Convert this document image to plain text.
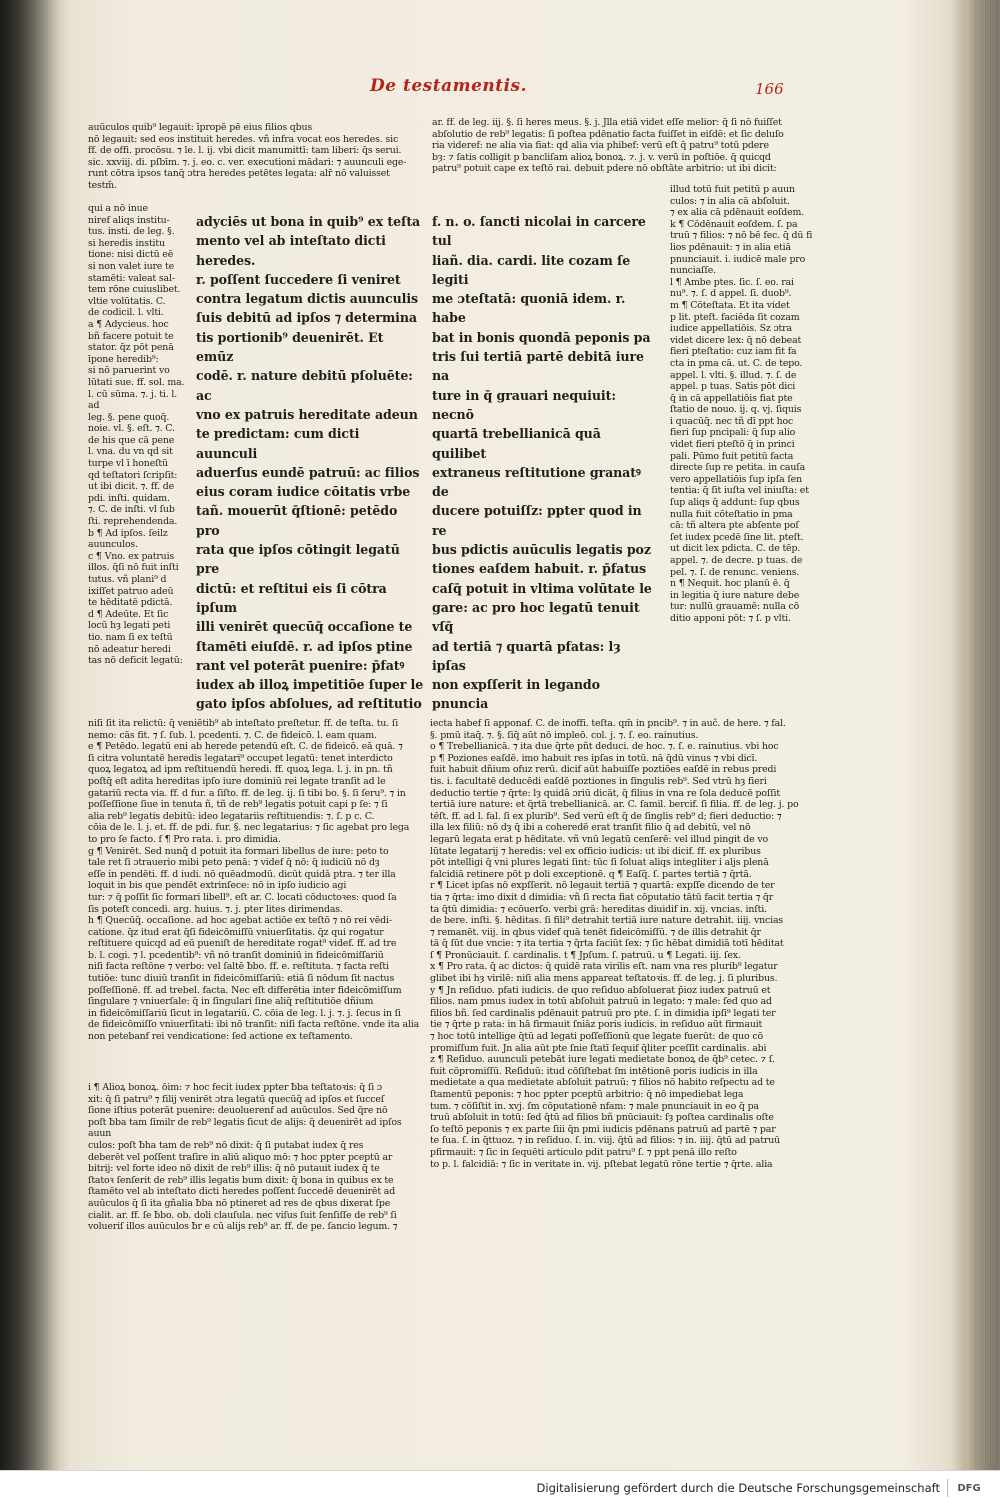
De testamentis.	166

auūculos quib⁹ legauit: īpropē pē eius filios qbus
nō legauit: sed eos instituit heredes. vñ infra vocat eos heredes. sic
ff. de offi. procōsu. ⁊ le. l. ij. vbi dicit manumittī: tam liberi: q̄s serui.
sic. xxviij. di. pſbīm. ⁊. j. eo. c. ver. executioni mādari: ⁊ auunculi ege-
runt cōtra ipsos tanq̄ ɔtra heredes petētes legata: alr̄ nō valuisset
testm̄.

qui a nō inue
niref aliqs institu-
tus. insti. de leg. §.
si heredis institu
tione: nisi dictū eē
si non valet iure te
stamēti: valeat sal-
tem rōne cuiuslibet.
vltie volūtatis. C.
de codicil. l. vlti.
a ¶ Adycieus. hoc
bñ facere potuit te
stator. q̄z pōt penā
īpone heredib⁹:
si nō paruerint vo
lūtati sue. ff. sol. ma.
l. cū sūma. ⁊. j. ti. l. ad
leg. §. pene quoq̄.
noie. vl. §. eſt. ⁊. C.
de his que cā pene
l. vna. du vn qd sit
turpe vl ī honeſtū
qd teſtatori ſcripſit:
ut ibi dicit. ⁊. ff. de
pdi. inſti. quidam.
⁊. C. de inſti. vl ſub
ſti. reprehendenda.
b ¶ Ad ipſos. ſeilz
auunculos.
c ¶ Vno. ex patruis
illos. q̄ſi nō fuit inſti
tutus. vñ plani⁹ d
ixiſſet patruo adeū
te hēditatē pdictā.
d ¶ Adeūte. Et ſic
locū hȝ legati peti
tio. nam ſi ex teſtū
nō adeatur heredi
tas nō deficit legatū:

adyciēs ut bona in quib⁹ ex teſta
mento vel ab inteſtato dicti heredes.
r. poſſent ſuccedere ſi veniret
contra legatum dictis auunculis
ſuis debitū ad ipſos ⁊ determina
tis portionib⁹ deuenirēt. Et emūz
codē. r. nature debitū pſoluēte: ac
vno ex patruis hereditate adeun
te predictam: cum dicti auunculi
aduerſus eundē patruū: ac filios
eius coram iudice cōitatis vrbe
tañ. mouerūt q̄ſtionē: petēdo pro
rata que ipſos cōtingit legatū pre
dictū: et reſtitui eis ſi cōtra ipſum
illi venirēt quecūq̄ occaſione te
ſtamēti eiuſdē. r. ad ipſos ptine
rant vel poterāt puenire: p̄fatꝰ
iudex ab illoꝝ impetitiōe ſuper le
gato ipſos abſolues, ad reſtitutio

ar. ff. de leg. iij. §. ſi heres meus. §. j. Jlla etiā videt eſſe melior: q̄ ſi nō fuiſſet
abſolutio de reb⁹ legatis: ſi poſtea pdēnatio facta fuiſſet in eiſdē: et ſic deluſo
ria videref: ne alia via fiat: qd alia via phibef: verū eſt q̄ patru⁹ totū pdere
bȝ: ⁊ ſatis colligit p bancliſam alioꝝ bonoꝝ. ⁊. j. v. verū in poſtiōe. q̄ quicqd
patru⁹ potuit cape ex teſtō rai. debuit pdere nō obſtāte arbitrio: ut ibi dicit:

f. n. o. ſancti nicolai in carcere tul
liañ. dia. cardi. lite cozam ſe legiti
me ɔteſtatā: quoniā idem. r. habe
bat in bonis quondā peponis pa
tris ſui tertiā partē debitā iure na
ture in q̄ grauari nequiuit: necnō
quartā trebellianicā quā quilibet
extraneus reſtitutione granatꝰ de
ducere potuiſſz: ppter quod in re
bus pdictis auūculis legatis poz
tiones eaſdem habuit. r. p̄fatus
caſq̄ potuit in vltima volūtate le
gare: ac pro hoc legatū tenuit vſq̄
ad tertiā ⁊ quartā pfatas: lȝ ipſas
non expſſerit in legando pnuncia

illud totū fuit petitū p auun
culos: ⁊ in alia cā abſoluit.
⁊ ex alia cā pdēnauit eoſdem.
k ¶ Cōdēnauit eoſdem. ſ. pa
truū ⁊ filios: ⁊ nō bē fec. q̄ dū fi
lios pdēnauit: ⁊ in alia etiā
pnunciauit. i. iudicē male pro
nunciaſſe.
l ¶ Ambe ptes. ſic. ſ. eo. rai
nu⁹. ⁊. ſ. d appel. ſi. duob⁹.
m ¶ Cōteſtata. Et ita videt
p lit. pteſt. faciēda ſit cozam
iudice appellatiōis. Sz ɔtra
videt dicere lex: q̄ nō debeat
fieri pteſtatio: cuz iam fit fa
cta in pma cā. ut. C. de tepo.
appel. l. vlti. §. illud. ⁊. ſ. de
appel. p tuas. Satis pōt dici
q̄ in cā appellatiōis fiat pte
ſtatio de nouo. ij. q. vj. ſiquis
i quacūq̄. nec tñ dī ppt hoc
fieri ſup pncipali: q̄ ſup alio
videt fieri pteſtō q̄ in princi
pali. Pūmo fuit petitū facta
directe ſup re petita. in cauſa
vero appellatiōis ſup ipſa ſen
tentia: q̄ ſit iuſta vel iniuſta: et
ſup aliqs q̄ addunt: ſup qbus
nulla fuit cōteſtatio in pma
cā: tñ altera pte abſente poſ
ſet iudex pcedē ſine lit. pteſt.
ut dicit lex pdicta. C. de tēp.
appel. ⁊. de decre. p tuas. de
pel. ⁊. ſ. de renunc. veniens.
n ¶ Nequit. hoc planū ē. q̄
in legitia q̄ iure nature debe
tur: nullū grauamē: nulla cō
ditio apponi pōt: ⁊ ſ. p vlti.

niſi ſit ita relictū: q̄ veniētib⁹ ab inteſtato preſtetur. ff. de teſta. tu. ſi
nemo: cās fit. ⁊ ſ. ſub. l. pcedenti. ⁊. C. de fideicō. l. eam quam.
e ¶ Petēdo. legatū eni ab herede petendū eſt. C. de fideicō. eā quā. ⁊
ſi citra voluntatē heredis legatari⁹ occupet legatū: tenet interdicto
quoꝝ legatoꝝ ad ipm reſtituendū heredi. ff. quoꝝ lega. l. j. in pn. tñ
poſtq̄ eſt adita hereditas ipſo iure dominiū rei legate tranſit ad le
gatariū recta via. ff. d fur. a ſiſto. ff. de leg. ij. ſi tibi bo. §. ſi ſeru⁹. ⁊ in
poſſeſſione ſiue in tenuta ñ, tñ de reb⁹ legatis potuit capi p ſe: ⁊ ſi
alia reb⁹ legatis debitū: ideo legatariis reſtituendis: ⁊. ſ. p c. C.
cōia de le. l. j. et. ff. de pdi. fur. §. nec legatarius: ⁊ ſic agebat pro lega
to pro ſe facto. f ¶ Pro rata. i. pro dimidia.
g ¶ Venirēt. Sed nunq̄ d potuit ita formari libellus de iure: peto to
tale ret ſi ɔtrauerio mibi peto penā: ⁊ videf q̄ nō: q̄ iudiciū nō dȝ
eſſe in pendēti. ff. d iudi. nō quēadmodū. dicūt quidā ptra. ⁊ ter illa
loquit in bis que pendēt extrinſece: nō in ipſo iudicio agi
tur: ⁊ q̄ poſſit ſic formari libell⁹. eſt ar. C. locati cōductoꝛes: quod ſa
ſis poteſt concedi. arg. huius. ⁊. j. pter lites dirimendas.
h ¶ Quecūq̄. occaſione. ad hoc agebat actiōe ex teſtō ⁊ nō rei vēdi-
catione. q̄z itud erat q̄ſi fideicōmiſſū vniuerſitatis. q̄z qui rogatur
reſtituere quicqd ad eū pueniſt de hereditate rogat⁹ videf. ff. ad tre
b. l. cogi. ⁊ l. pcedentib⁹: vñ nō tranſit dominiū in fideicōmiſſariū
niſi facta reſtōne ⁊ verbo: vel ſaltē ƀbo. ff. e. reſtituta. ⁊ facta reſti
tutiōe: tunc diuiū tranſit in fideicōmiſſariū: etiā ſi nōdum ſit nactus
poſſeſſionē. ff. ad trebel. facta. Nec eſt differētia inter fideicōmiſſum
ſingulare ⁊ vniuerſale: q̄ in ſingulari ſine aliq̄ reſtitutiōe dñium
in fideicōmiſſariū ſicut in legatariū. C. cōia de leg. l. j. ⁊. j. ſecus in ſi
de fideicōmiſſo vniuerſitati: ibi nō tranſit: niſi facta reſtōne. vnde ita alia
non petebanf rei vendicatione: ſed actione ex teſtamento.

iecta habef ſi apponaf. C. de inoffi. teſta. qm̄ in pncib⁹. ⁊ in auč. de here. ⁊ fal.
§. pmū itaq̄. ⁊. §. ſiq̄ aūt nō impleō. col. j. ⁊. ſ. eo. rainutius.
o ¶ Trebellianicā. ⁊ ita due q̄rte pñt deduci. de hoc. ⁊. ſ. e. rainutius. vbi hoc
p ¶ Poziones eaſdē. imo habuit res ipſas in totū. nā q̄dū vinus ⁊ vbi dicī.
fuit habuit dñium ofuz rerū. dicif aūt habuiſſe poztiōes eaſdē in rebus predi
tis. i. facultatē deducēdi eaſdē poztiones in ſingulis reb⁹. Sed vtrū hȝ fieri
deductio tertie ⁊ q̄rte: lȝ quidā ɔriū dicāt, q̄ filius in vna re ſola deducē poſſit
tertiā iure nature: et q̄rtā trebellianicā. ar. C. famil. bercif. ſi filia. ff. de leg. j. po
tēſt. ff. ad l. fal. ſi ex plurib⁹. Sed verū eſt q̄ de ſinglis reb⁹ d; fieri deductio: ⁊
illa lex filiū: nō dȝ q̄ ibi a coheredē erat tranſit filio q̄ ad debitū, vel nō
legarū legata erat p hēditate. vñ vnū legatū cenſerē: vel illud pingit de vo
lūtate legatarij ⁊ heredis: vel ex officio iudicis: ut ibi dicif. ff. ex pluribus
pōt intelligi q̄ vni plures legati ſint: tūc ſi ſoluat aliqs integliter i aljs plenā
falcidiā retinere pōt p doli exceptionē. q ¶ Eaſq̄. ſ. partes tertiā ⁊ q̄rtā.
r ¶ Licet ipſas nō expſſerit. nō legauit tertiā ⁊ quartā: expſſe dicendo de ter
tia ⁊ q̄rta: imo dixit d dimidia: vñ ſi recta fiat cōputatio tātū facit tertia ⁊ q̄r
ta q̄tū dimidia: ⁊ ecōuerſo. verbi grā: hereditas diuidif in. xij. vncias. inſti.
de bere. inſti. §. hēditas. ſi fili⁹ detrahit tertiā iure nature detrahit. iiij. vncias
⁊ remanēt. viij. in qbus videf quā tenēt fideicōmiſſū. ⁊ de illis detrahit q̄r
tā q̄ ſūt due vncie: ⁊ ita tertia ⁊ q̄rta faciūt ſex: ⁊ ſic hēbat dimidiā totī hēditat
ſ ¶ Pronūciauit. ſ. cardinalis. t ¶ Jpſum. ſ. patruū. u ¶ Legati. iij. ſex.
x ¶ Pro rata. q̄ ac dictos: q̄ quidē rata virilis eſt. nam vna res plurib⁹ legatur
glibet ibi hȝ virilē: niſi alia mens appareat teſtatoꝛis. ff. de leg. j. ſi pluribus.
y ¶ Jn reſiduo. pfati iudicis. de quo reſiduo abſoluerat p̄ioz iudex patruū et
filios. nam pmus iudex in totū abſoluit patruū in legato: ⁊ male: ſed quo ad
filios bñ. ſed cardinalis pdēnauit patruū pro pte. ſ. in dimidia ipſi⁹ legati ter
tie ⁊ q̄rte p rata: in hā firmauit ſniāz poris iudicis. in reſiduo aūt firmauit
⁊ hoc totū intellige q̄tū ad legati poſſeſſionū que legate fuerūt: de quo cō
promiſſum fuit. Jn alia aūt pte ſnie ſtatī ſequif q̄liter pceſſit cardinalis. abi
z ¶ Reſiduo. auunculi petebāt iure legati medietate bonoꝝ de q̄b⁹ cetec. ⁊ ſ.
fuit cōpromiſſū. Reſiduū: itud cōſiſtebat ſm intētionē poris iudicis in illa
medietate a qua medietate abſoluit patruū: ⁊ filios nō habito reſpectu ad te
ſtamentū peponis: ⁊ hoc ppter pceptū arbitrio: q̄ nō impediebat lega
tum. ⁊ cōſiſtit in. xvj. ſm cōputationē nfam: ⁊ male pnunciauit in eo q̄ pa
truū abſoluit in totū: ſed q̄tū ad filios bñ pnūciauit: ſȝ poſtea cardinalis oſte
ſo teſtō peponis ⁊ ex parte ſiii q̄n pmi iudicis pdēnans patruū ad partē ⁊ par
te ſua. ſ. in q̄ttuoz. ⁊ in reſiduo. ſ. in. viij. q̄tū ad filios: ⁊ in. iiij. q̄tū ad patruū
pfirmauit: ⁊ ſic in ſequēti articulo pdit patru⁹ ſ. ⁊ ppt penā illo reſto
to p. l. falcidiā: ⁊ ſic in veritate in. vij. pſtebat legatū rōne tertie ⁊ q̄rte. alia

i ¶ Alioꝝ bonoꝝ. ōim: ⁊ hoc fecit iudex ppter ƀba teſtatoꝛis: q̄ ſi ɔ
xit: q̄ ſi patru⁹ ⁊ filij venirēt ɔtra legatū quecūq̄ ad ipſos et ſucceſ
ſione iſtius poterāt puenire: deuoluerenf ad auūculos. Sed q̄re nō
poſt ƀba tam ſimilr de reb⁹ legatis ſicut de alijs: q̄ deuenirēt ad ipſos auun
culos: poſt ƀha tam de reb⁹ nō dixit: q̄ ſi putabat iudex q̄ res
deberēt vel poſſent traſire in aliū aliquo mō: ⁊ hoc ppter pceptū ar
bitrij: vel forte ideo nō dixit de reb⁹ illis: q̄ nō putauit iudex q̄ te
ſtatoꝛ ſenſerit de reb⁹ illis legatis bum dixit: q̄ bona in quibus ex te
ſtamēto vel ab inteſtato dicti heredes poſſent ſuccedē deuenirēt ad
auūculos q̄ ſi ita gñalia ƀba nō ptineret ad res de qbus dixerat ſpe
cialit. ar. ff. ſe ƀbo. ob. doli clauſula. nec viſus ſuit ſenſiſſe de reb⁹ ſi
volueriſ illos auūculos ƀr e cū alijs reb⁹ ar. ff. de pe. ſancio legum. ⁊

Digitalisierung gefördert durch die Deutsche Forschungsgemeinschaft	DFG
